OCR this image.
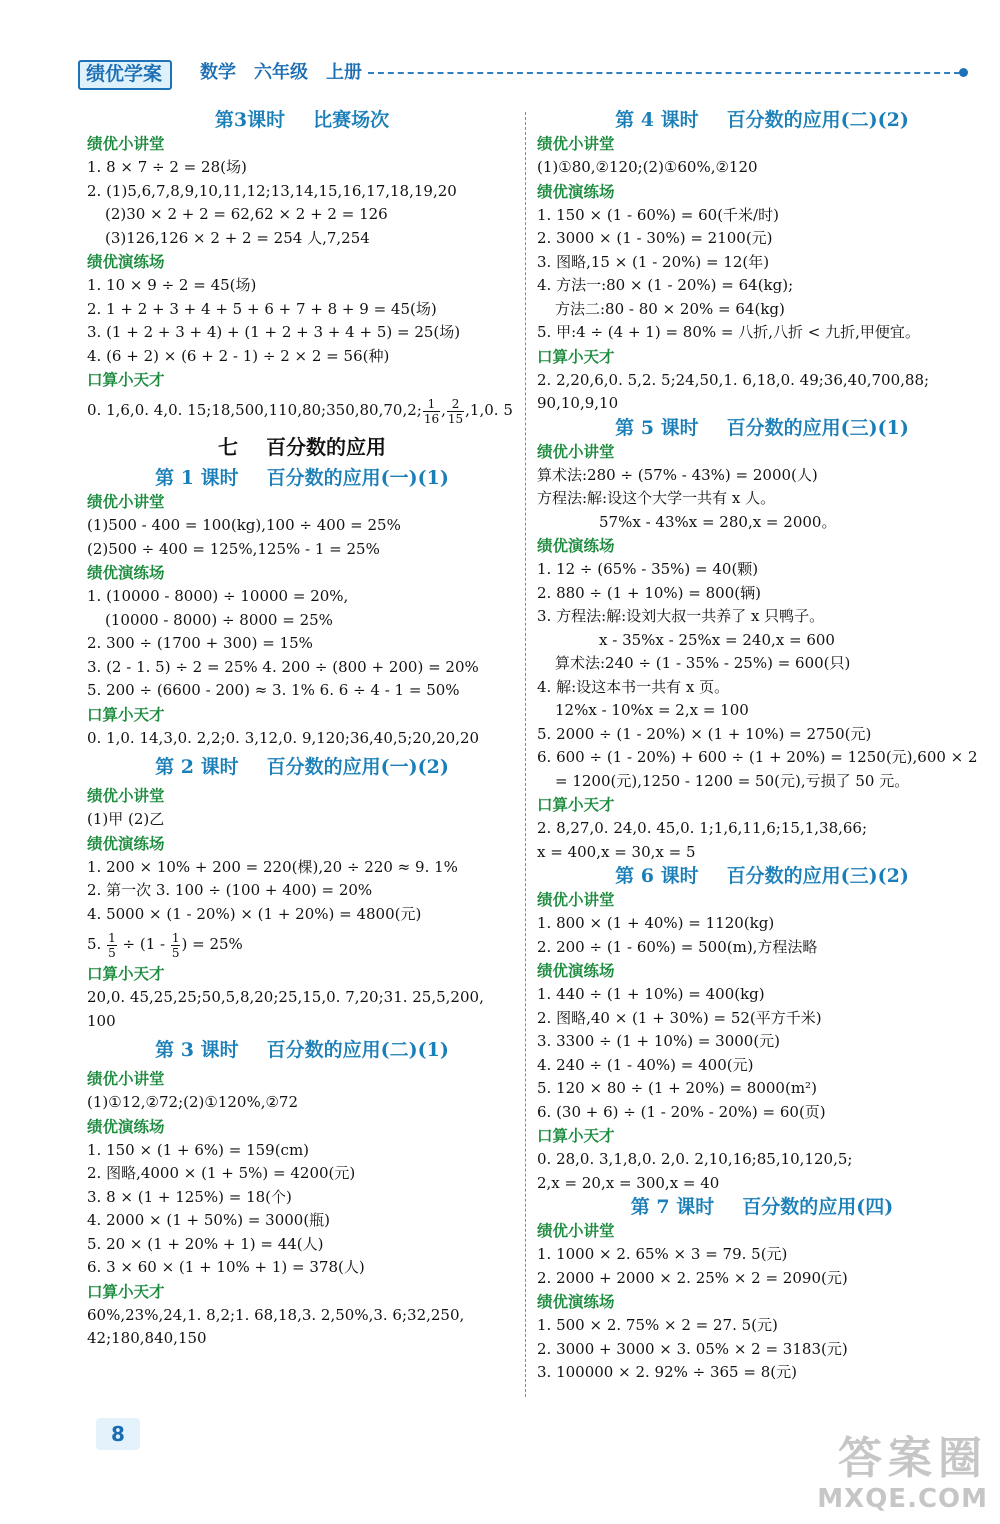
绩优学案	数学 六年级 上册
第3课时 比赛场次
绩优小讲堂
1. 8 × 7 ÷ 2 = 28(场)
2. (1)5,6,7,8,9,10,11,12;13,14,15,16,17,18,19,20
(2)30 × 2 + 2 = 62,62 × 2 + 2 = 126
(3)126,126 × 2 + 2 = 254 人,7,254
绩优演练场
1. 10 × 9 ÷ 2 = 45(场)
2. 1 + 2 + 3 + 4 + 5 + 6 + 7 + 8 + 9 = 45(场)
3. (1 + 2 + 3 + 4) + (1 + 2 + 3 + 4 + 5) = 25(场)
4. (6 + 2) × (6 + 2 - 1) ÷ 2 × 2 = 56(种)
口算小天才
0. 1,6,0. 4,0. 15;18,500,110,80;350,80,70,2; $\frac{1}{16}$ , $\frac{2}{15} ,1,0$. 5
七 百分数的应用
第 1 课时 百分数的应用(一)(1)
绩优小讲堂
(1)500 - 400 = 100(kg),100 ÷ 400 = 25%
(2)500 ÷ 400 = 125%,125% - 1 = 25%
绩优演练场
1. (10000 - 8000) ÷ 10000 = 20%,
(10000 - 8000) ÷ 8000 = 25%
2. 300 ÷ (1700 + 300) = 15%
3. (2 - 1. 5) ÷ 2 = 25% 4. 200 ÷ (800 + 200) = 20%
5. 200 ÷ (6600 - 200) ≈ 3. 1% 6. 6 ÷ 4 - 1 = 50%
口算小天才
0. 1,0. 14,3,0. 2,2;0. 3,12,0. 9,120;36,40,5;20,20,20
第 2 课时 百分数的应用(一)(2)
绩优小讲堂
(1)甲 (2)乙
绩优演练场
1. 200 × 10% + 200 = 220(棵),20 ÷ 220 ≈ 9. 1%
2. 第一次 3. 100 ÷ (100 + 400) = 20%
4. 5000 × (1 - 20%) × (1 + 20%) = 4800(元)
5. $\frac{1}{5} \div (1 - \frac{1}{5}$ ) = 25%
口算小天才
20,0. 45,25,25;50,5,8,20;25,15,0. 7,20;31. 25,5,200,
100
第 3 课时 百分数的应用(二)(1)
绩优小讲堂
(1)①12,②72;(2)①120%,②72
绩优演练场
1. 150 × (1 + 6%) = 159(cm)
2. 图略,4000 × (1 + 5%) = 4200(元)
3. 8 × (1 + 125%) = 18(个)
4. 2000 × (1 + 50%) = 3000(瓶)
5. 20 × (1 + 20% + 1) = 44(人)
6. 3 × 60 × (1 + 10% + 1) = 378(人)
口算小天才
60%,23%,24,1. 8,2;1. 68,18,3. 2,50%,3. 6;32,250,
42;180,840,150
第 4 课时 百分数的应用(二)(2)
绩优小讲堂
(1)①80,②120;(2)①60%,②120
绩优演练场
1. 150 × (1 - 60%) = 60(千米/时)
2. 3000 × (1 - 30%) = 2100(元)
3. 图略,15 × (1 - 20%) = 12(年)
4. 方法一:80 × (1 - 20%) = 64(kg);
方法二:80 - 80 × 20% = 64(kg)
5. 甲:4 ÷ (4 + 1) = 80% = 八折,八折 < 九折,甲便宜。
口算小天才
2. 2,20,6,0. 5,2. 5;24,50,1. 6,18,0. 49;36,40,700,88;
90,10,9,10
第 5 课时 百分数的应用(三)(1)
绩优小讲堂
算术法:280 ÷ (57% - 43%) = 2000(人)
方程法:解:设这个大学一共有 x 人。
57%x - 43%x = 280,x = 2000。
绩优演练场
1. 12 ÷ (65% - 35%) = 40(颗)
2. 880 ÷ (1 + 10%) = 800(辆)
3. 方程法:解:设刘大叔一共养了 x 只鸭子。
x - 35%x - 25%x = 240,x = 600
算术法:240 ÷ (1 - 35% - 25%) = 600(只)
4. 解:设这本书一共有 x 页。
12%x - 10%x = 2,x = 100
5. 2000 ÷ (1 - 20%) × (1 + 10%) = 2750(元)
6. 600 ÷ (1 - 20%) + 600 ÷ (1 + 20%) = 1250(元),600 × 2
= 1200(元),1250 - 1200 = 50(元),亏损了 50 元。
口算小天才
2. 8,27,0. 24,0. 45,0. 1;1,6,11,6;15,1,38,66;
x = 400,x = 30,x = 5
第 6 课时 百分数的应用(三)(2)
绩优小讲堂
1. 800 × (1 + 40%) = 1120(kg)
2. 200 ÷ (1 - 60%) = 500(m),方程法略
绩优演练场
1. 440 ÷ (1 + 10%) = 400(kg)
2. 图略,40 × (1 + 30%) = 52(平方千米)
3. 3300 ÷ (1 + 10%) = 3000(元)
4. 240 ÷ (1 - 40%) = 400(元)
5. 120 × 80 ÷ (1 + 20%) = 8000(m²)
6. (30 + 6) ÷ (1 - 20% - 20%) = 60(页)
口算小天才
0. 28,0. 3,1,8,0. 2,0. 2,10,16;85,10,120,5;
2,x = 20,x = 300,x = 40
第 7 课时 百分数的应用(四)
绩优小讲堂
1. 1000 × 2. 65% × 3 = 79. 5(元)
2. 2000 + 2000 × 2. 25% × 2 = 2090(元)
绩优演练场
1. 500 × 2. 75% × 2 = 27. 5(元)
2. 3000 + 3000 × 3. 05% × 2 = 3183(元)
3. 100000 × 2. 92% ÷ 365 = 8(元)
8	答案圈
MXQE.COM
